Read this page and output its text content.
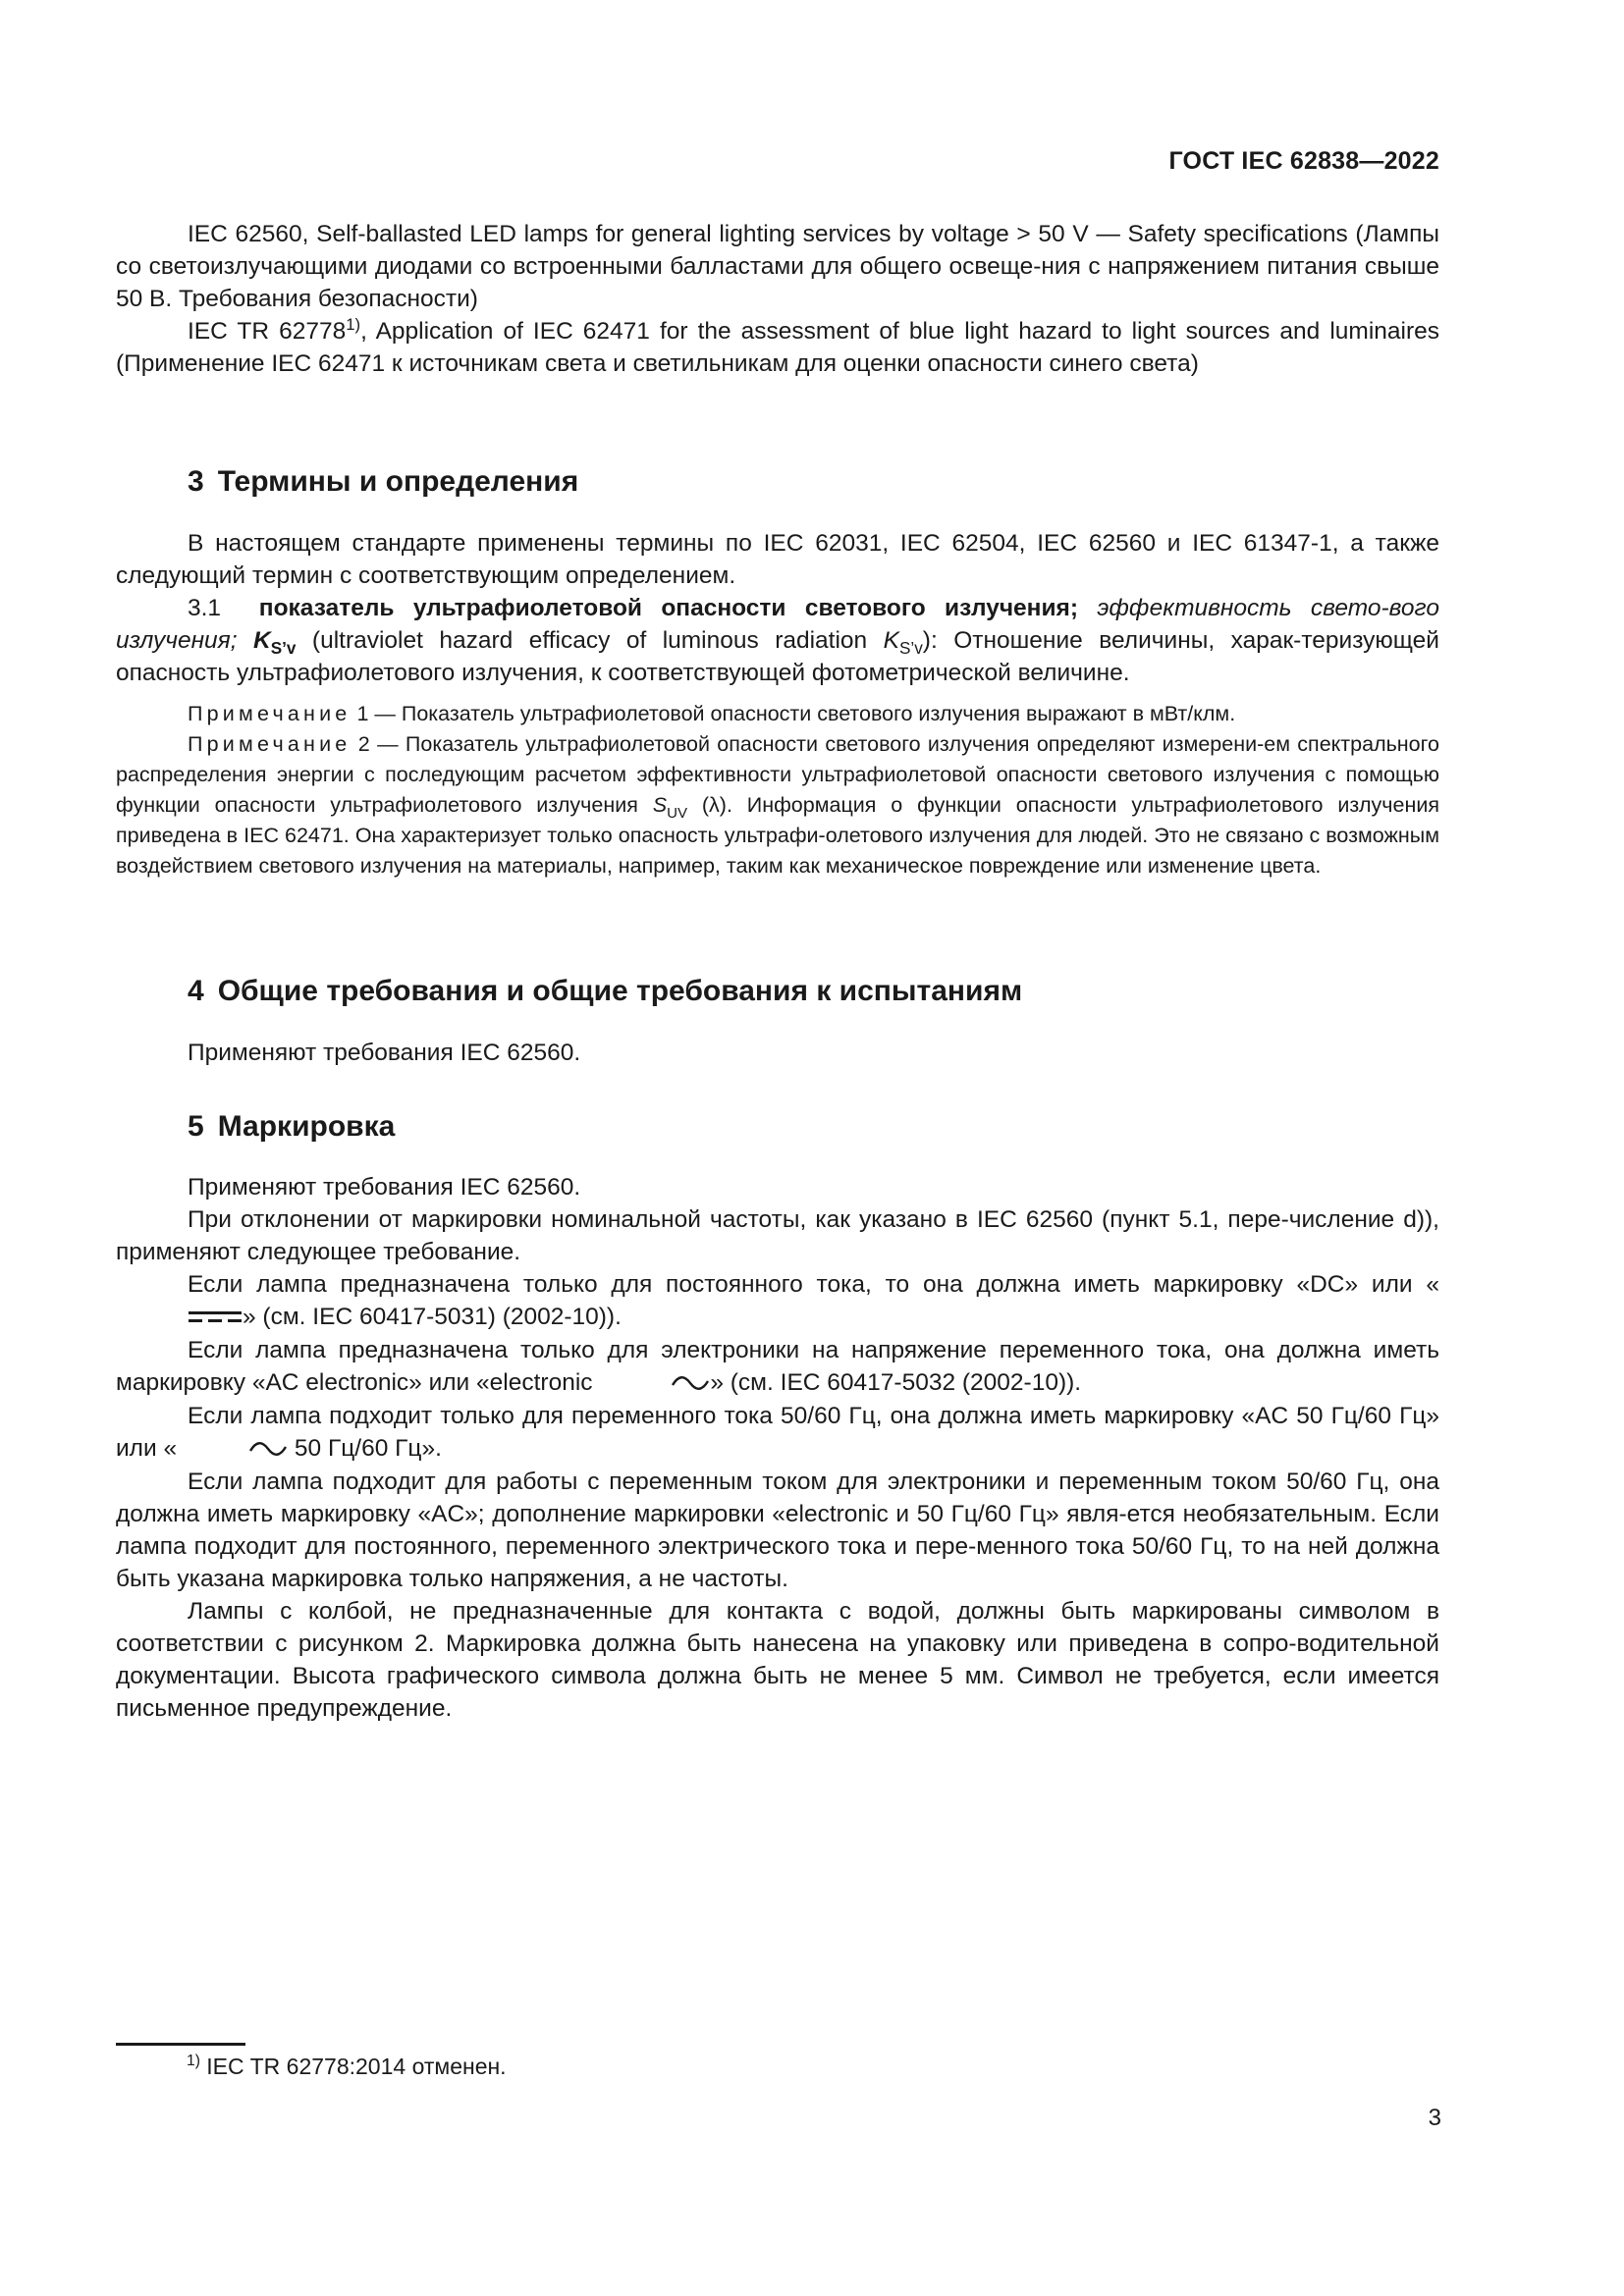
ГОСТ IEC 62838—2022

IEC 62560, Self-ballasted LED lamps for general lighting services by voltage > 50 V — Safety specifications (Лампы со светоизлучающими диодами со встроенными балластами для общего освеще-ния с напряжением питания свыше 50 В. Требования безопасности)

IEC TR 62778$^{1)}$, Application of IEC 62471 for the assessment of blue light hazard to light sources and luminaires (Применение IEC 62471 к источникам света и светильникам для оценки опасности синего света)

3 Термины и определения

В настоящем стандарте применены термины по IEC 62031, IEC 62504, IEC 62560 и IEC 61347-1, а также следующий термин с соответствующим определением.

3.1 показатель ультрафиолетовой опасности светового излучения; эффективность свето-вого излучения; $K_{S’v}$ (ultraviolet hazard efficacy of luminous radiation $K_{S’v}$): Отношение величины, харак-теризующей опасность ультрафиолетового излучения, к соответствующей фотометрической величине.

Примечание 1 — Показатель ультрафиолетовой опасности светового излучения выражают в мВт/клм.

Примечание 2 — Показатель ультрафиолетовой опасности светового излучения определяют измерени-ем спектрального распределения энергии с последующим расчетом эффективности ультрафиолетовой опасности светового излучения с помощью функции опасности ультрафиолетового излучения $S_{UV}$ (λ). Информация о функции опасности ультрафиолетового излучения приведена в IEC 62471. Она характеризует только опасность ультрафи-олетового излучения для людей. Это не связано с возможным воздействием светового излучения на материалы, например, таким как механическое повреждение или изменение цвета.

4 Общие требования и общие требования к испытаниям

Применяют требования IEC 62560.

5 Маркировка

Применяют требования IEC 62560.

При отклонении от маркировки номинальной частоты, как указано в IEC 62560 (пункт 5.1, пере-числение d)), применяют следующее требование.

Если лампа предназначена только для постоянного тока, то она должна иметь маркировку «DC» или «» (см. IEC 60417-5031) (2002-10)).

Если лампа предназначена только для электроники на напряжение переменного тока, она должна иметь маркировку «AC electronic» или «electronic	» (см. IEC 60417-5032 (2002-10)).

Если лампа подходит только для переменного тока 50/60 Гц, она должна иметь маркировку «AC 50 Гц/60 Гц» или «	50 Гц/60 Гц».

Если лампа подходит для работы с переменным током для электроники и переменным током 50/60 Гц, она должна иметь маркировку «AC»; дополнение маркировки «electronic и 50 Гц/60 Гц» явля-ется необязательным. Если лампа подходит для постоянного, переменного электрического тока и пере-менного тока 50/60 Гц, то на ней должна быть указана маркировка только напряжения, а не частоты.

Лампы с колбой, не предназначенные для контакта с водой, должны быть маркированы символом в соответствии с рисунком 2. Маркировка должна быть нанесена на упаковку или приведена в сопро-водительной документации. Высота графического символа должна быть не менее 5 мм. Символ не требуется, если имеется письменное предупреждение.

$^{1)}$ IEC TR 62778:2014 отменен.
3
